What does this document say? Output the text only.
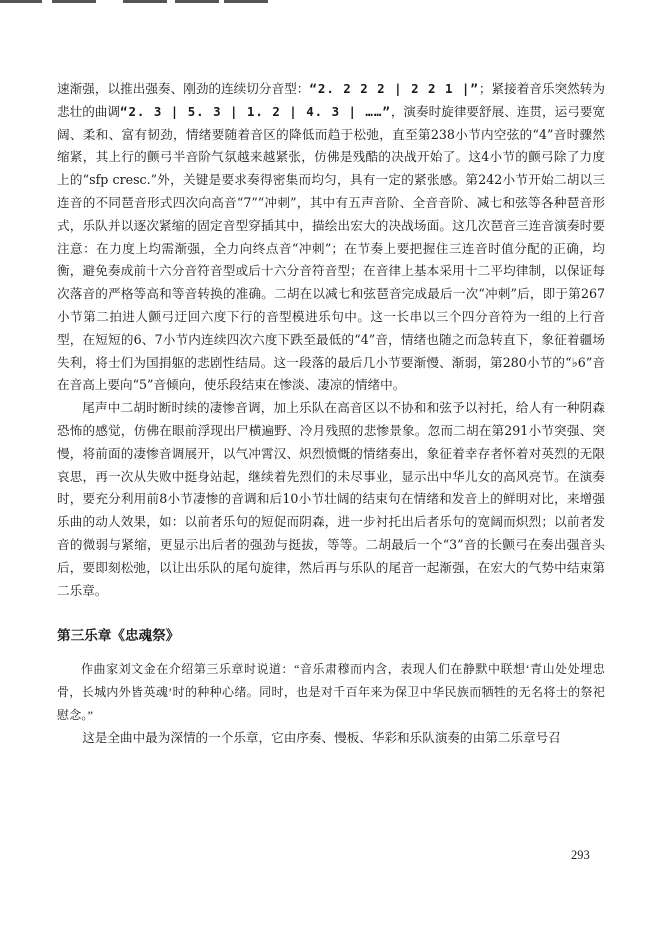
速渐强，以推出强奏、刚劲的连续切分音型：“2. 2 2 2 | 2 2 1 |”；紧接着音乐突然转为悲壮的曲调“2. 3 | 5. 3 | 1. 2 | 4. 3 | ……”，演奏时旋律要舒展、连贯，运弓要宽阔、柔和、富有韧劲，情绪要随着音区的降低而趋于松弛，直至第238小节内空弦的“4”音时骤然缩紧，其上行的颤弓半音阶气氛越来越紧张，仿佛是残酷的决战开始了。这4小节的颤弓除了力度上的“sfp cresc.”外，关键是要求奏得密集而均匀，具有一定的紧张感。第242小节开始二胡以三连音的不同琶音形式四次向高音“7”“冲刺”，其中有五声音阶、全音音阶、减七和弦等各种琶音形式，乐队并以逐次紧缩的固定音型穿插其中，描绘出宏大的决战场面。这几次琶音三连音演奏时要注意：在力度上均需渐强，全力向终点音“冲刺”；在节奏上要把握住三连音时值分配的正确，均衡，避免奏成前十六分音符音型或后十六分音符音型；在音律上基本采用十二平均律制，以保证每次落音的严格等高和等音转换的准确。二胡在以减七和弦琶音完成最后一次“冲刺”后，即于第267小节第二拍进人颤弓迂回六度下行的音型模进乐句中。这一长串以三个四分音符为一组的上行音型，在短短的6、7小节内连续四次六度下跌至最低的“4”音，情绪也随之而急转直下，象征着疆场失利，将士们为国捐躯的悲剧性结局。这一段落的最后几小节要渐慢、渐弱，第280小节的“♭6”音在音高上要向“5”音倾向，使乐段结束在惨淡、凄凉的情绪中。

尾声中二胡时断时续的凄惨音调，加上乐队在高音区以不协和和弦予以衬托，给人有一种阴森恐怖的感觉，仿佛在眼前浮现出尸横遍野、冷月残照的悲惨景象。忽而二胡在第291小节突强、突慢，将前面的凄惨音调展开，以气冲霄汉、炽烈愤慨的情绪奏出，象征着幸存者怀着对英烈的无限哀思，再一次从失败中挺身站起，继续着先烈们的未尽事业，显示出中华儿女的高风亮节。在演奏时，要充分利用前8小节凄惨的音调和后10小节壮阔的结束句在情绪和发音上的鲜明对比，来增强乐曲的动人效果，如：以前者乐句的短促而阴森，进一步衬托出后者乐句的宽阔而炽烈；以前者发音的微弱与紧缩，更显示出后者的强劲与挺拔，等等。二胡最后一个“3”音的长颤弓在奏出强音头后，要即刻松弛，以让出乐队的尾句旋律，然后再与乐队的尾音一起渐强，在宏大的气势中结束第二乐章。

第三乐章《忠魂祭》

作曲家刘文金在介绍第三乐章时说道：“音乐肃穆而内含，表现人们在静默中联想‘青山处处埋忠骨，长城内外皆英魂’时的种种心绪。同时，也是对千百年来为保卫中华民族而牺牲的无名将士的祭祀慰念。”

这是全曲中最为深情的一个乐章，它由序奏、慢板、华彩和乐队演奏的由第二乐章号召

293
